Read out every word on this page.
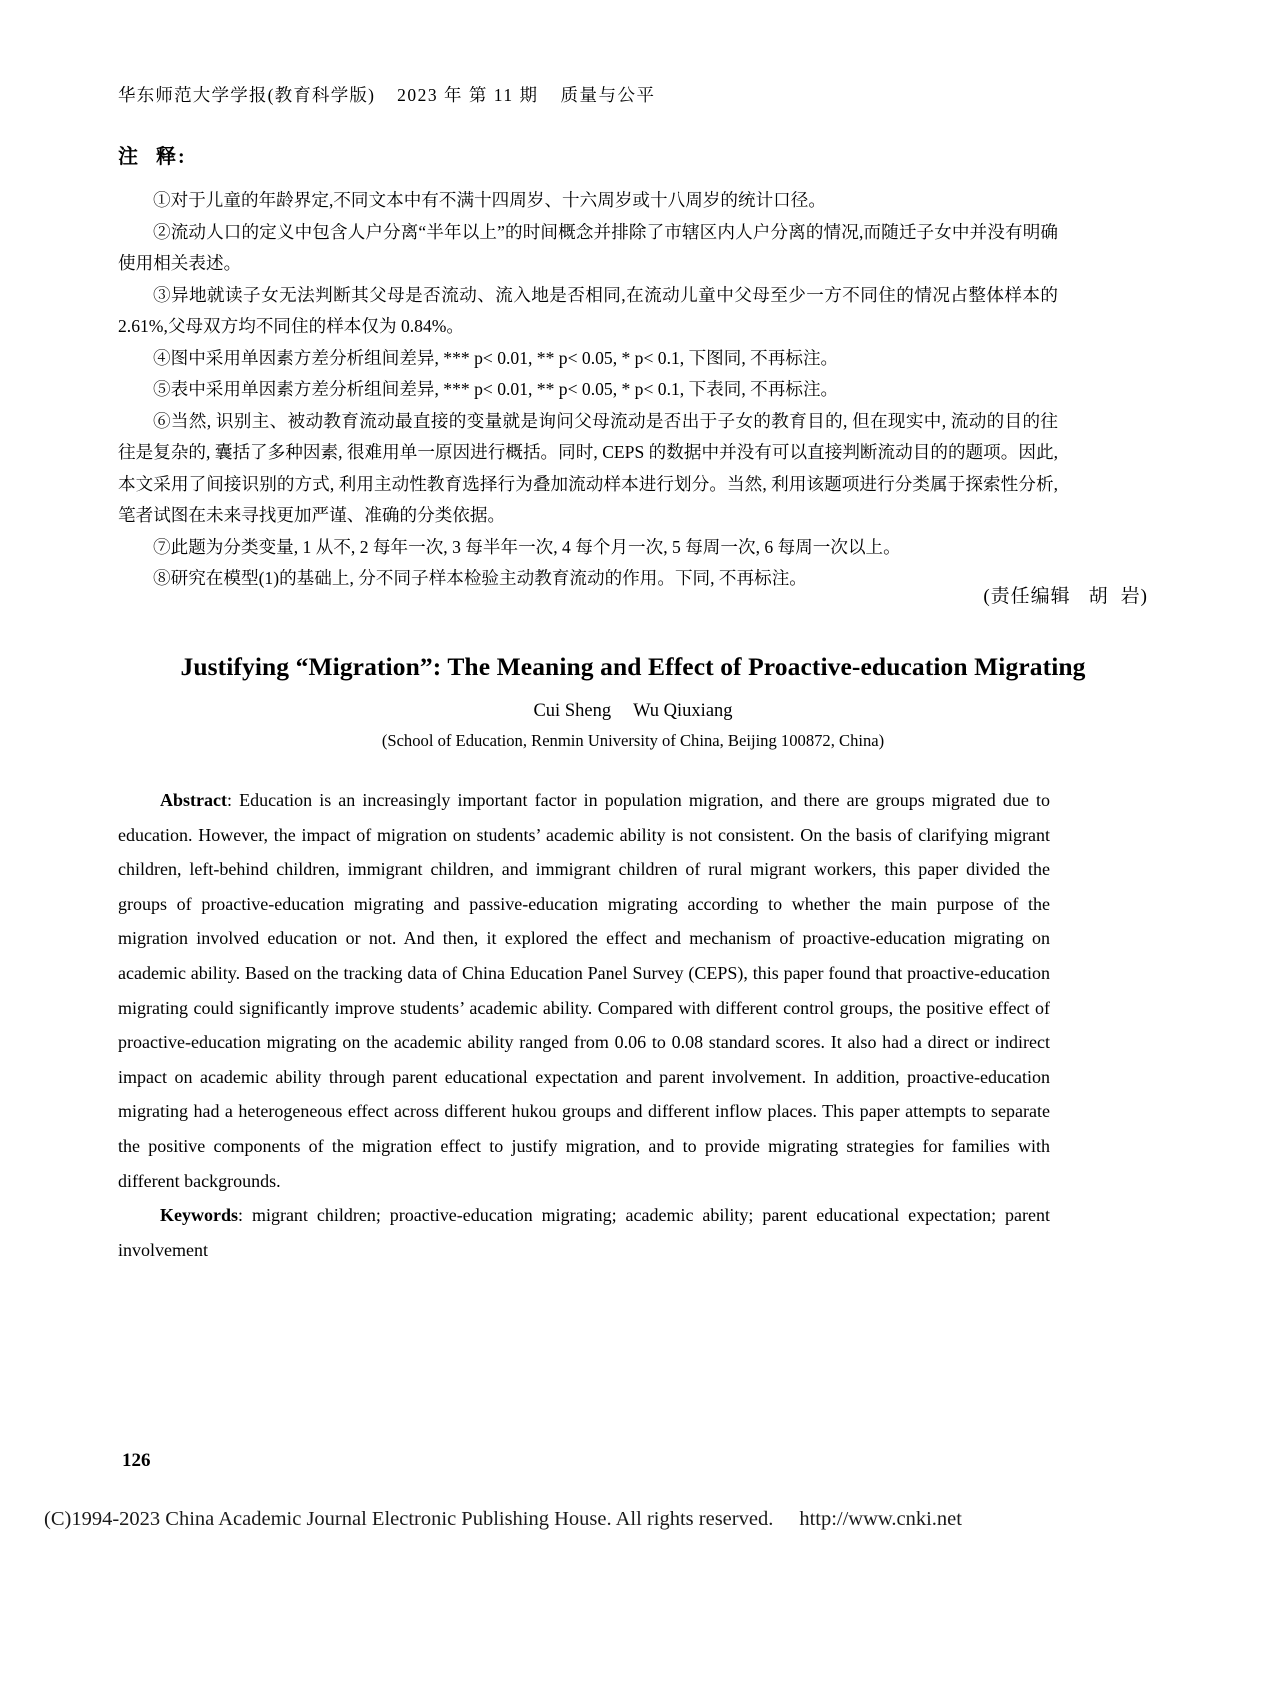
华东师范大学学报(教育科学版) 2023 年 第 11 期 质量与公平
注 释:

①对于儿童的年龄界定,不同文本中有不满十四周岁、十六周岁或十八周岁的统计口径。

②流动人口的定义中包含人户分离“半年以上”的时间概念并排除了市辖区内人户分离的情况,而随迁子女中并没有明确使用相关表述。

③异地就读子女无法判断其父母是否流动、流入地是否相同,在流动儿童中父母至少一方不同住的情况占整体样本的 2.61%,父母双方均不同住的样本仅为 0.84%。

④图中采用单因素方差分析组间差异, *** p< 0.01, ** p< 0.05, * p< 0.1, 下图同, 不再标注。

⑤表中采用单因素方差分析组间差异, *** p< 0.01, ** p< 0.05, * p< 0.1, 下表同, 不再标注。

⑥当然, 识别主、被动教育流动最直接的变量就是询问父母流动是否出于子女的教育目的, 但在现实中, 流动的目的往往是复杂的, 囊括了多种因素, 很难用单一原因进行概括。同时, CEPS 的数据中并没有可以直接判断流动目的的题项。因此, 本文采用了间接识别的方式, 利用主动性教育选择行为叠加流动样本进行划分。当然, 利用该题项进行分类属于探索性分析, 笔者试图在未来寻找更加严谨、准确的分类依据。

⑦此题为分类变量, 1 从不, 2 每年一次, 3 每半年一次, 4 每个月一次, 5 每周一次, 6 每周一次以上。

⑧研究在模型(1)的基础上, 分不同子样本检验主动教育流动的作用。下同, 不再标注。

(责任编辑 胡 岩)
Justifying “Migration”: The Meaning and Effect of Proactive-education Migrating
Cui Sheng Wu Qiuxiang
(School of Education, Renmin University of China, Beijing 100872, China)

Abstract: Education is an increasingly important factor in population migration, and there are groups migrated due to education. However, the impact of migration on students’ academic ability is not consistent. On the basis of clarifying migrant children, left-behind children, immigrant children, and immigrant children of rural migrant workers, this paper divided the groups of proactive-education migrating and passive-education migrating according to whether the main purpose of the migration involved education or not. And then, it explored the effect and mechanism of proactive-education migrating on academic ability. Based on the tracking data of China Education Panel Survey (CEPS), this paper found that proactive-education migrating could significantly improve students’ academic ability. Compared with different control groups, the positive effect of proactive-education migrating on the academic ability ranged from 0.06 to 0.08 standard scores. It also had a direct or indirect impact on academic ability through parent educational expectation and parent involvement. In addition, proactive-education migrating had a heterogeneous effect across different hukou groups and different inflow places. This paper attempts to separate the positive components of the migration effect to justify migration, and to provide migrating strategies for families with different backgrounds.

Keywords: migrant children; proactive-education migrating; academic ability; parent educational expectation; parent involvement

126
(C)1994-2023 China Academic Journal Electronic Publishing House. All rights reserved. http://www.cnki.net
